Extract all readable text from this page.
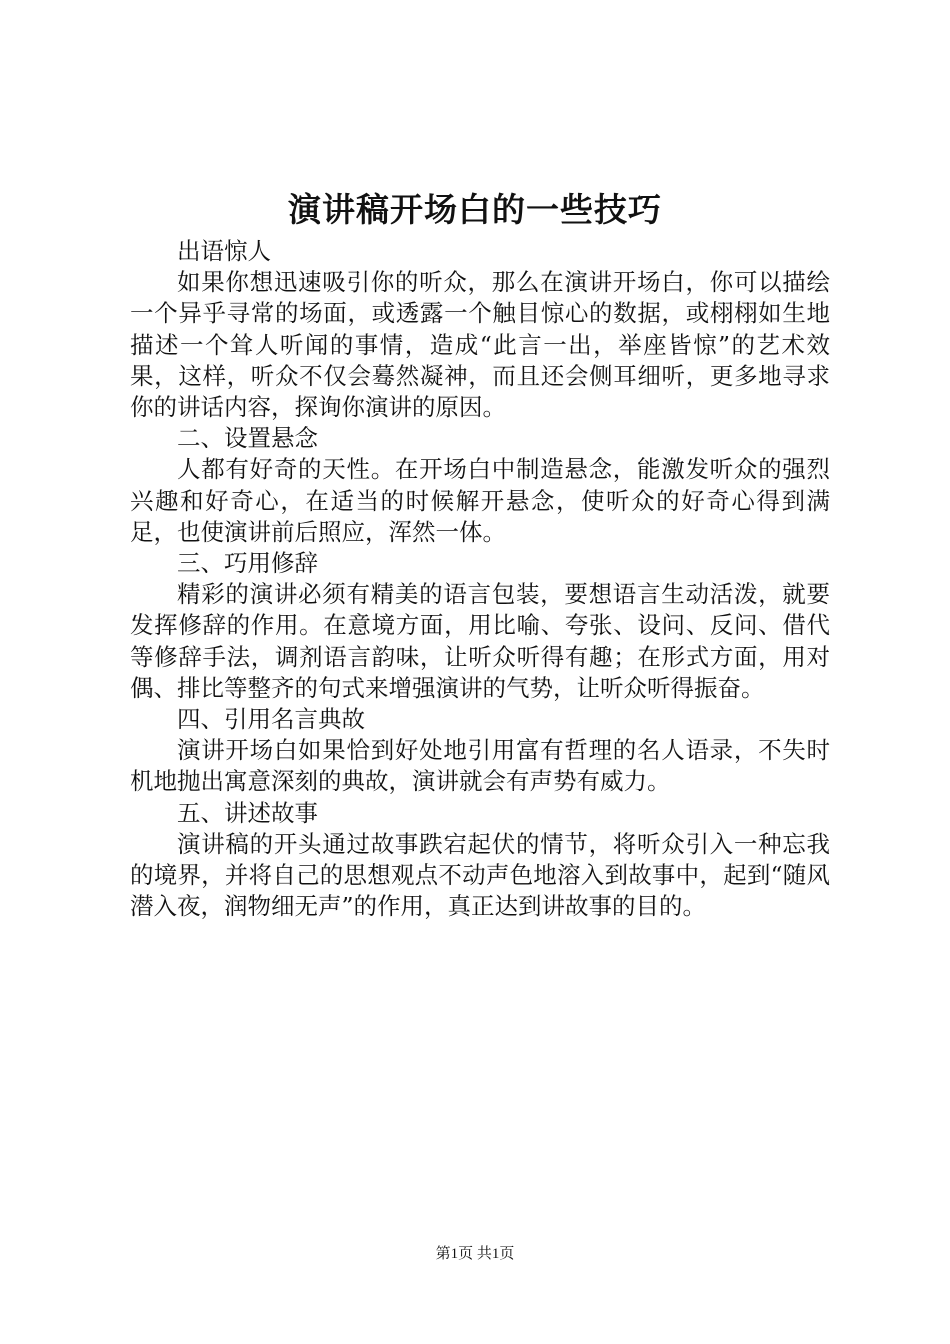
演讲稿开场白的一些技巧

出语惊人

如果你想迅速吸引你的听众，那么在演讲开场白，你可以描绘一个异乎寻常的场面，或透露一个触目惊心的数据，或栩栩如生地描述一个耸人听闻的事情，造成“此言一出，举座皆惊”的艺术效果，这样，听众不仅会蓦然凝神，而且还会侧耳细听，更多地寻求你的讲话内容，探询你演讲的原因。

二、设置悬念

人都有好奇的天性。在开场白中制造悬念，能激发听众的强烈兴趣和好奇心，在适当的时候解开悬念，使听众的好奇心得到满足，也使演讲前后照应，浑然一体。

三、巧用修辞

精彩的演讲必须有精美的语言包装，要想语言生动活泼，就要发挥修辞的作用。在意境方面，用比喻、夸张、设问、反问、借代等修辞手法，调剂语言韵味，让听众听得有趣；在形式方面，用对偶、排比等整齐的句式来增强演讲的气势，让听众听得振奋。

四、引用名言典故

演讲开场白如果恰到好处地引用富有哲理的名人语录，不失时机地抛出寓意深刻的典故，演讲就会有声势有威力。

五、讲述故事

演讲稿的开头通过故事跌宕起伏的情节，将听众引入一种忘我的境界，并将自己的思想观点不动声色地溶入到故事中，起到“随风潜入夜，润物细无声”的作用，真正达到讲故事的目的。

第1页 共1页
